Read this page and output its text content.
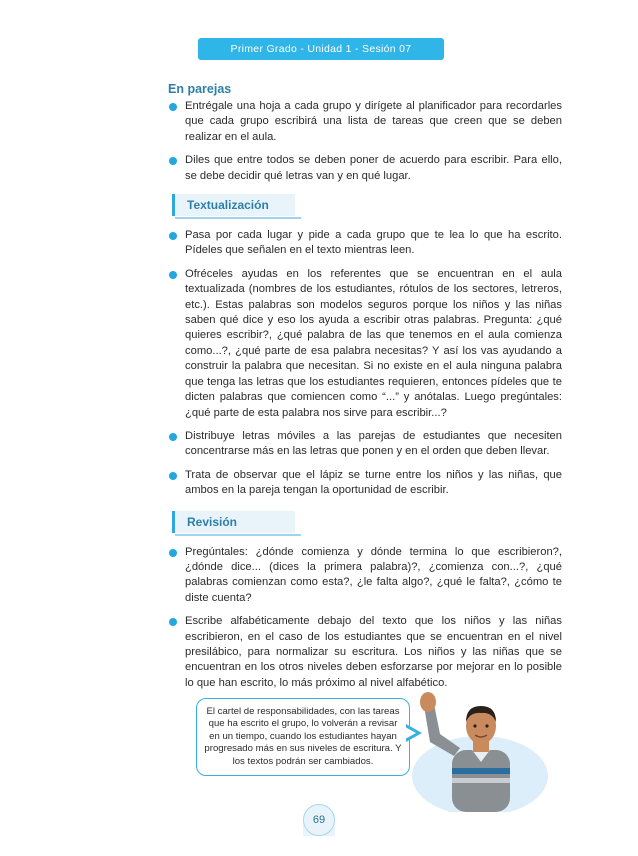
Primer Grado - Unidad 1 - Sesión 07
En parejas
Entrégale una hoja a cada grupo y dirígete al planificador para recordarles que cada grupo escribirá una lista de tareas que creen que se deben realizar en el aula.
Diles que entre todos se deben poner de acuerdo para escribir. Para ello, se debe decidir qué letras van y en qué lugar.
Textualización
Pasa por cada lugar y pide a cada grupo que te lea lo que ha escrito. Pídeles que señalen en el texto mientras leen.
Ofréceles ayudas en los referentes que se encuentran en el aula textualizada (nombres de los estudiantes, rótulos de los sectores, letreros, etc.). Estas palabras son modelos seguros porque los niños y las niñas saben qué dice y eso los ayuda a escribir otras palabras. Pregunta: ¿qué quieres escribir?, ¿qué palabra de las que tenemos en el aula comienza como...?, ¿qué parte de esa palabra necesitas? Y así los vas ayudando a construir la palabra que necesitan. Si no existe en el aula ninguna palabra que tenga las letras que los estudiantes requieren, entonces pídeles que te dicten palabras que comiencen como “...” y anótalas. Luego pregúntales: ¿qué parte de esta palabra nos sirve para escribir...?
Distribuye letras móviles a las parejas de estudiantes que necesiten concentrarse más en las letras que ponen y en el orden que deben llevar.
Trata de observar que el lápiz se turne entre los niños y las niñas, que ambos en la pareja tengan la oportunidad de escribir.
Revisión
Pregúntales: ¿dónde comienza y dónde termina lo que escribieron?, ¿dónde dice... (dices la primera palabra)?, ¿comienza con...?, ¿qué palabras comienzan como esta?, ¿le falta algo?, ¿qué le falta?, ¿cómo te diste cuenta?
Escribe alfabéticamente debajo del texto que los niños y las niñas escribieron, en el caso de los estudiantes que se encuentran en el nivel presilábico, para normalizar su escritura. Los niños y las niñas que se encuentran en los otros niveles deben esforzarse por mejorar en lo posible lo que han escrito, lo más próximo al nivel alfabético.
El cartel de responsabilidades, con las tareas que ha escrito el grupo, lo volverán a revisar en un tiempo, cuando los estudiantes hayan progresado más en sus niveles de escritura. Y los textos podrán ser cambiados.
69
